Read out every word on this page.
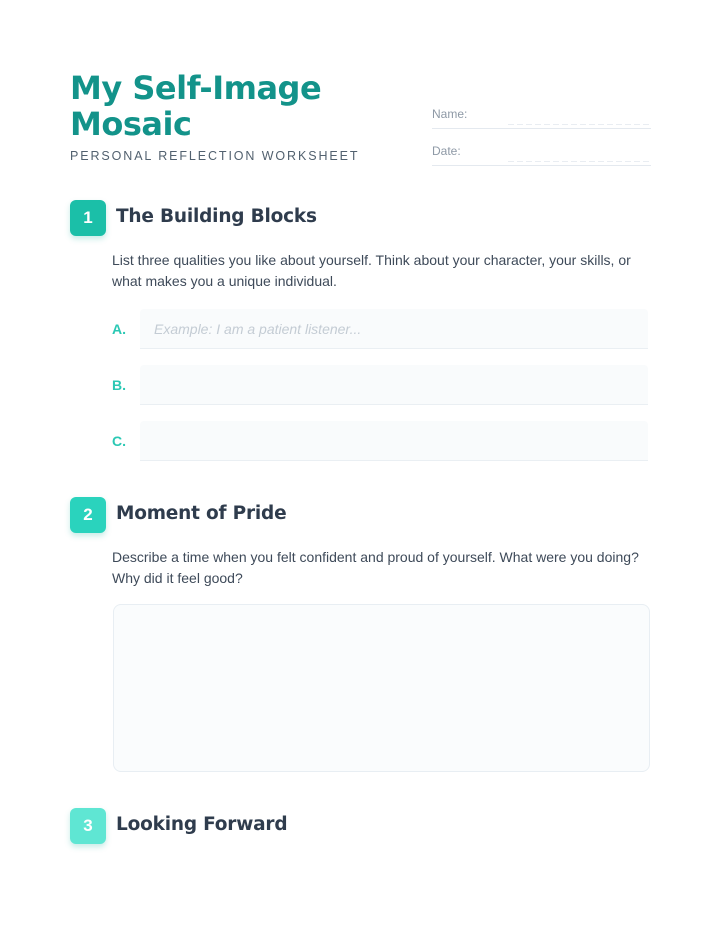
My Self-Image
Mosaic
PERSONAL REFLECTION WORKSHEET
Name:
Date:
1	The Building Blocks

List three qualities you like about yourself. Think about your character, your skills, or what makes you a unique individual.

A.
Example: I am a patient listener...
B.
C.
2	Moment of Pride

Describe a time when you felt confident and proud of yourself. What were you doing? Why did it feel good?

3	Looking Forward
